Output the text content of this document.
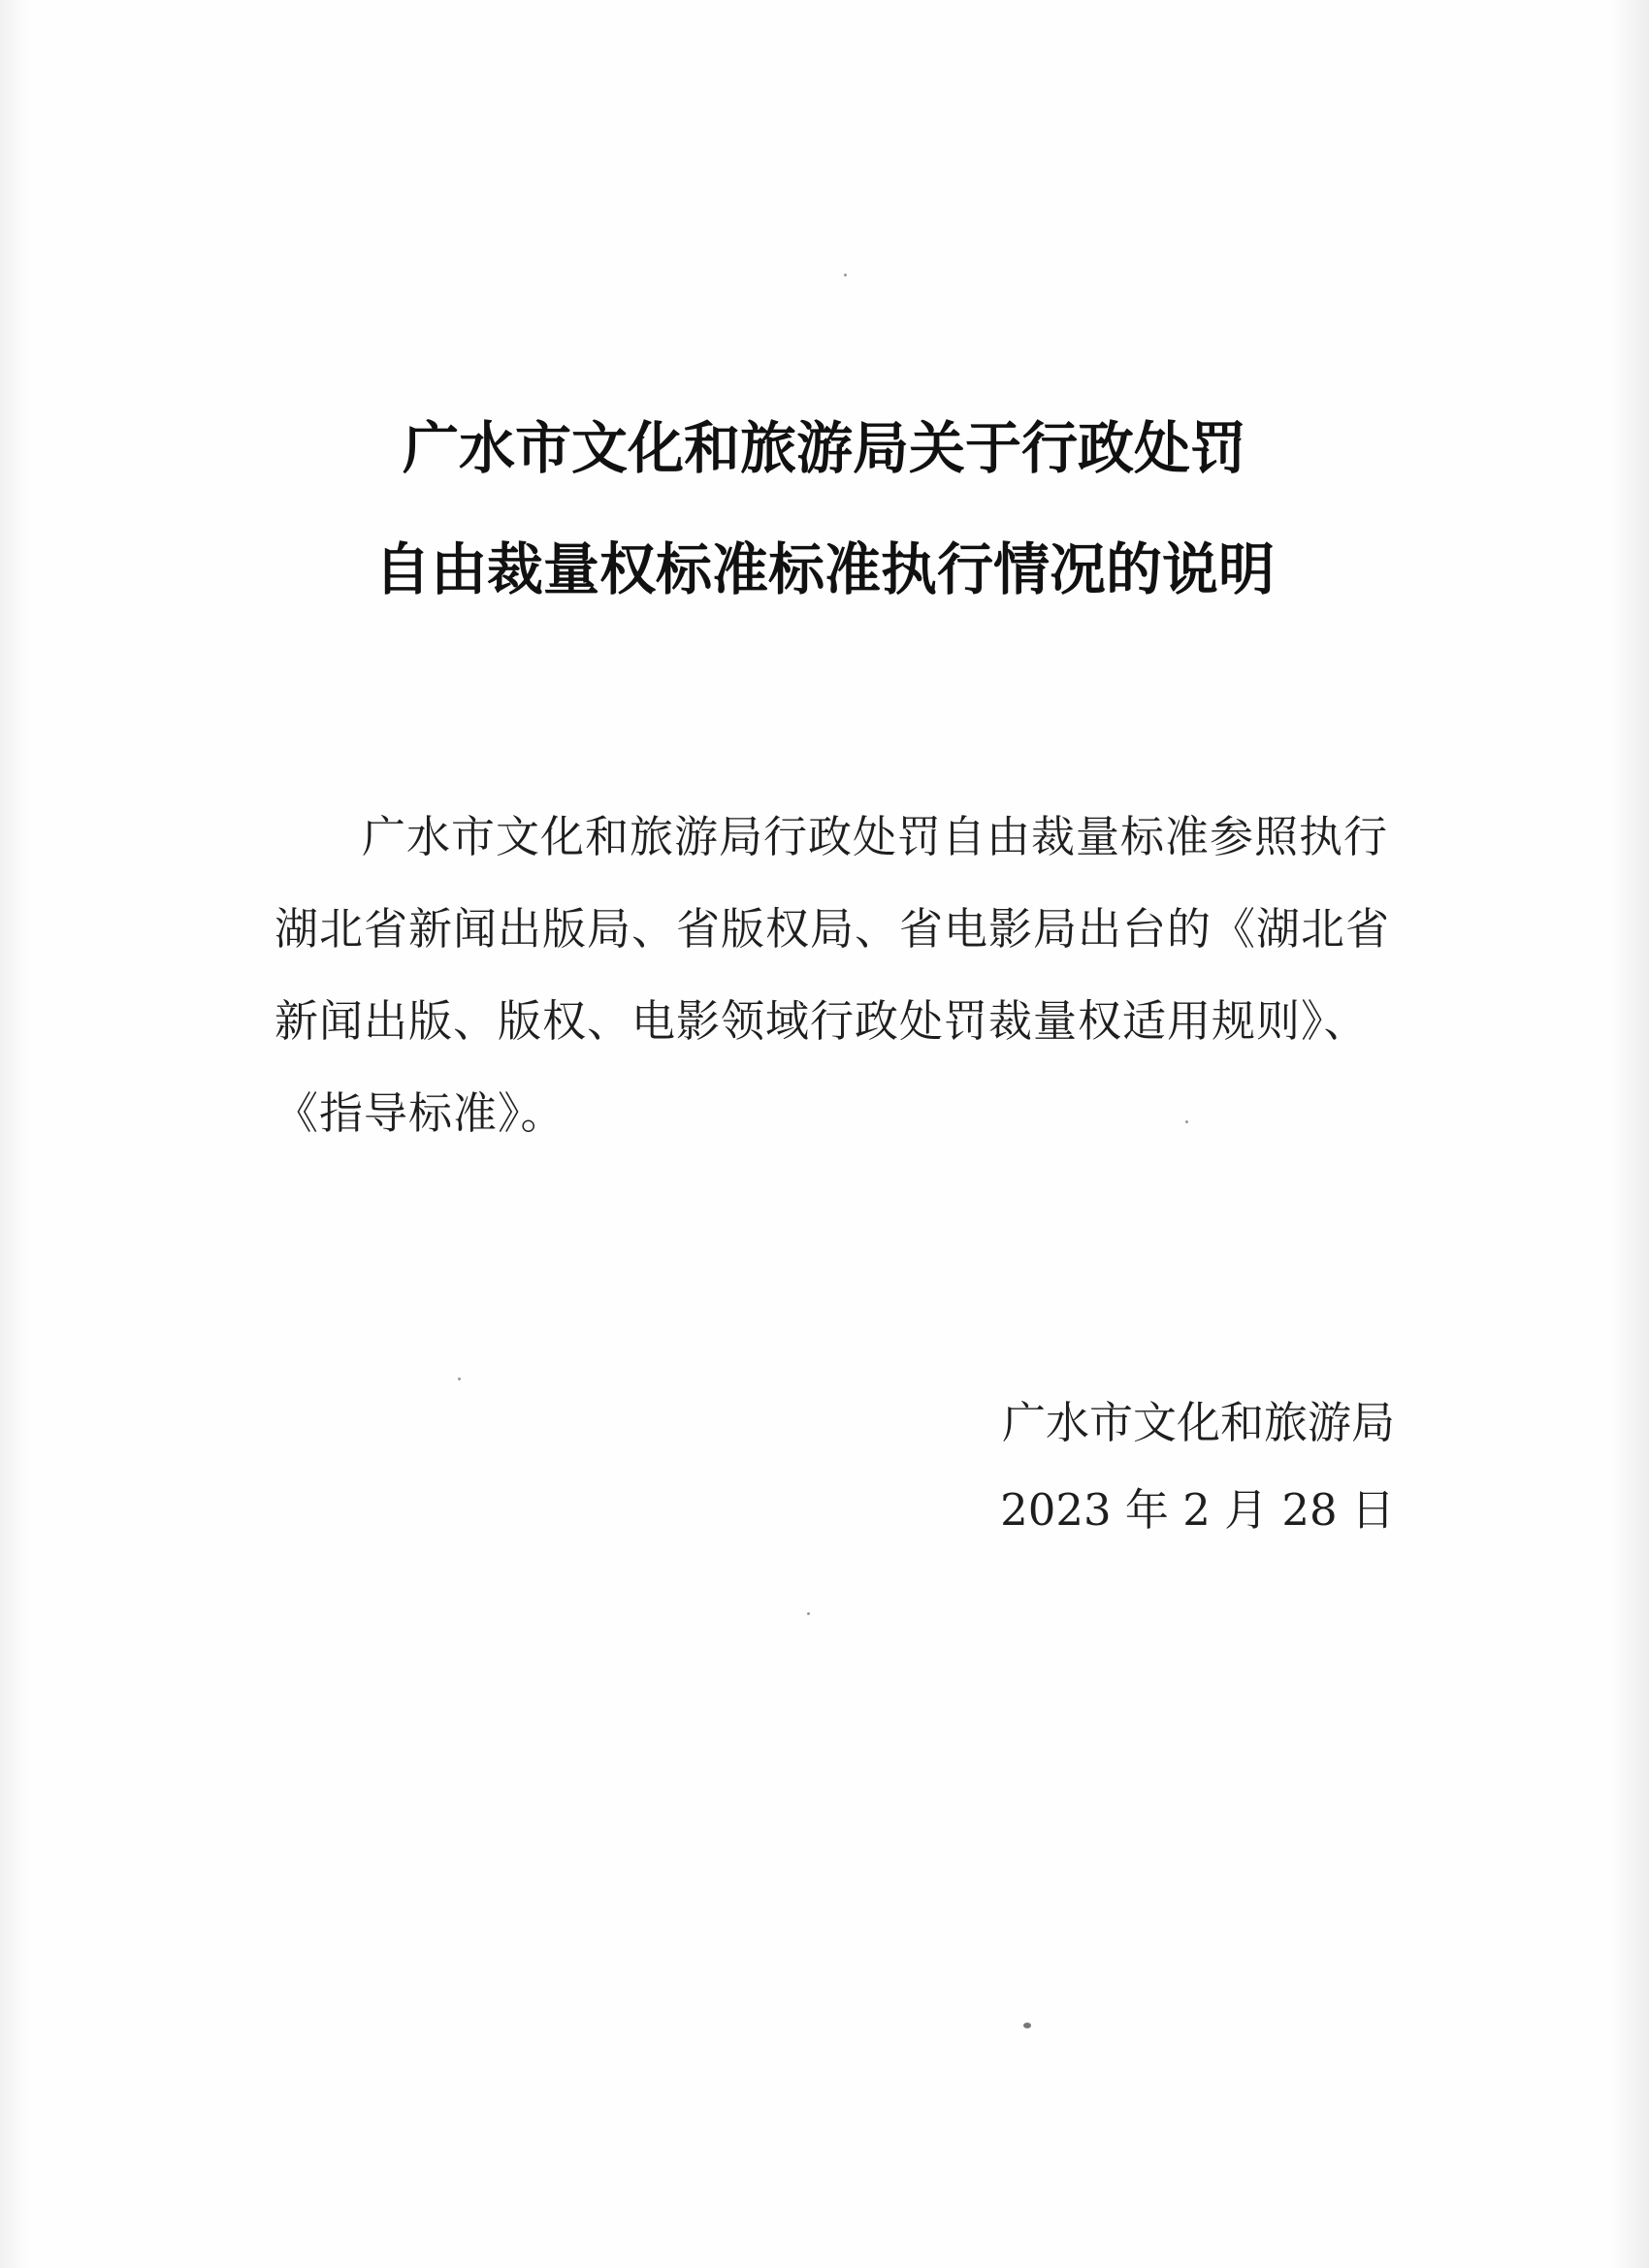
广水市文化和旅游局关于行政处罚
自由裁量权标准标准执行情况的说明

广水市文化和旅游局行政处罚自由裁量标准参照执行湖北省新闻出版局、省版权局、省电影局出台的《湖北省新闻出版、版权、电影领域行政处罚裁量权适用规则》、《指导标准》。

广水市文化和旅游局
2023 年 2 月 28 日
